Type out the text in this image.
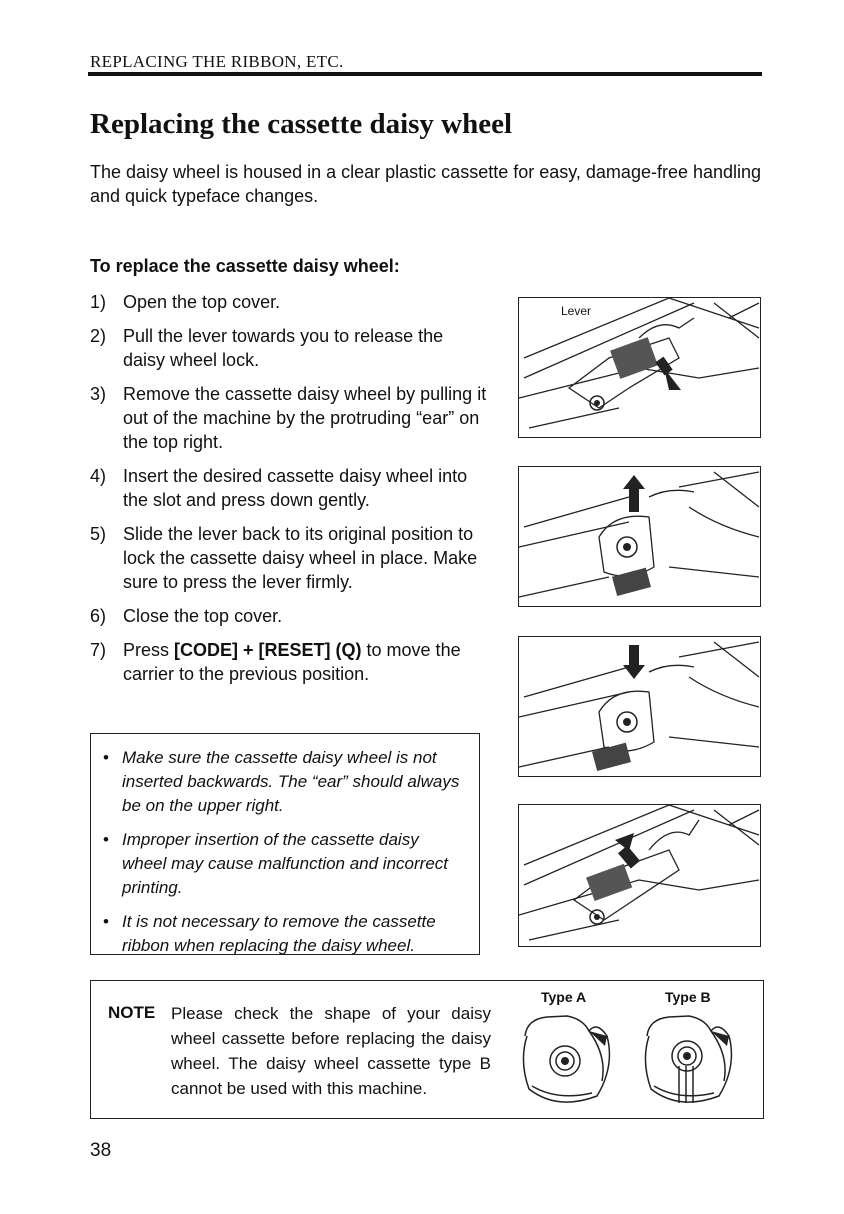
REPLACING THE RIBBON, ETC.
Replacing the cassette daisy wheel
The daisy wheel is housed in a clear plastic cassette for easy, damage-free handling and quick typeface changes.
To replace the cassette daisy wheel:
1) Open the top cover.
2) Pull the lever towards you to release the daisy wheel lock.
3) Remove the cassette daisy wheel by pulling it out of the machine by the protruding “ear” on the top right.
4) Insert the desired cassette daisy wheel into the slot and press down gently.
5) Slide the lever back to its original position to lock the cassette daisy wheel in place. Make sure to press the lever firmly.
6) Close the top cover.
7) Press [CODE] + [RESET] (Q) to move the carrier to the previous position.
• Make sure the cassette daisy wheel is not inserted backwards. The “ear” should always be on the upper right.
• Improper insertion of the cassette daisy wheel may cause malfunction and incorrect printing.
• It is not necessary to remove the cassette ribbon when replacing the daisy wheel.
Lever
NOTE Please check the shape of your daisy wheel cassette before replacing the daisy wheel. The daisy wheel cassette type B cannot be used with this machine.
Type A	Type B
38
